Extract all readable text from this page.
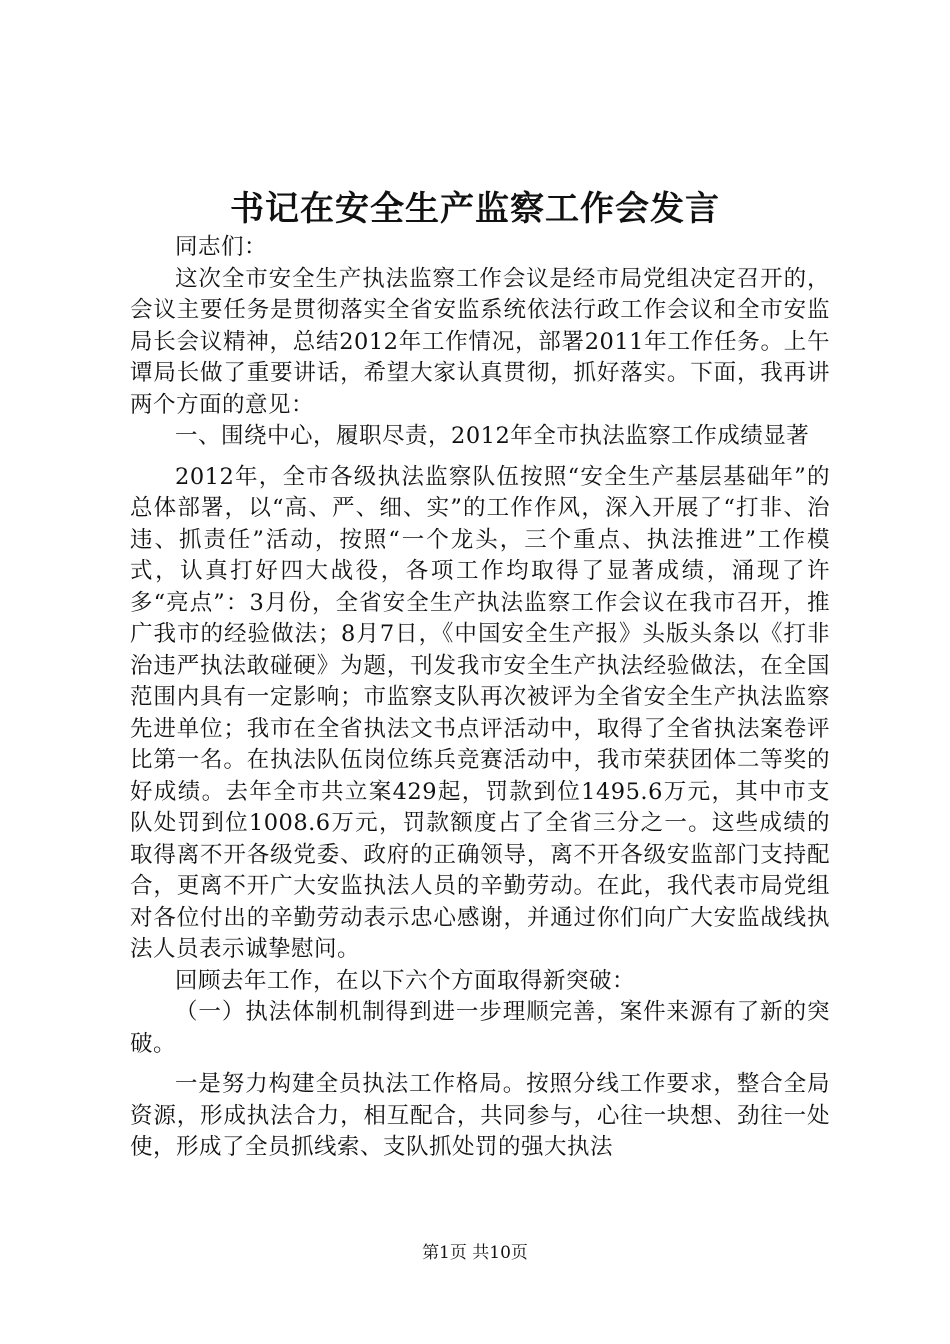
书记在安全生产监察工作会发言

同志们：

这次全市安全生产执法监察工作会议是经市局党组决定召开的，会议主要任务是贯彻落实全省安监系统依法行政工作会议和全市安监局长会议精神，总结2012年工作情况，部署2011年工作任务。上午谭局长做了重要讲话，希望大家认真贯彻，抓好落实。下面，我再讲两个方面的意见：

一、围绕中心，履职尽责，2012年全市执法监察工作成绩显著

2012年，全市各级执法监察队伍按照“安全生产基层基础年”的总体部署，以“高、严、细、实”的工作作风，深入开展了“打非、治违、抓责任”活动，按照“一个龙头，三个重点、执法推进”工作模式，认真打好四大战役，各项工作均取得了显著成绩，涌现了许多“亮点”：3月份，全省安全生产执法监察工作会议在我市召开，推广我市的经验做法；8月7日，《中国安全生产报》头版头条以《打非治违严执法敢碰硬》为题，刊发我市安全生产执法经验做法，在全国范围内具有一定影响；市监察支队再次被评为全省安全生产执法监察先进单位；我市在全省执法文书点评活动中，取得了全省执法案卷评比第一名。在执法队伍岗位练兵竞赛活动中，我市荣获团体二等奖的好成绩。去年全市共立案429起，罚款到位1495.6万元，其中市支队处罚到位1008.6万元，罚款额度占了全省三分之一。这些成绩的取得离不开各级党委、政府的正确领导，离不开各级安监部门支持配合，更离不开广大安监执法人员的辛勤劳动。在此，我代表市局党组对各位付出的辛勤劳动表示忠心感谢，并通过你们向广大安监战线执法人员表示诚挚慰问。

回顾去年工作，在以下六个方面取得新突破：

（一）执法体制机制得到进一步理顺完善，案件来源有了新的突破。

一是努力构建全员执法工作格局。按照分线工作要求，整合全局资源，形成执法合力，相互配合，共同参与，心往一块想、劲往一处使，形成了全员抓线索、支队抓处罚的强大执法

第1页 共10页
